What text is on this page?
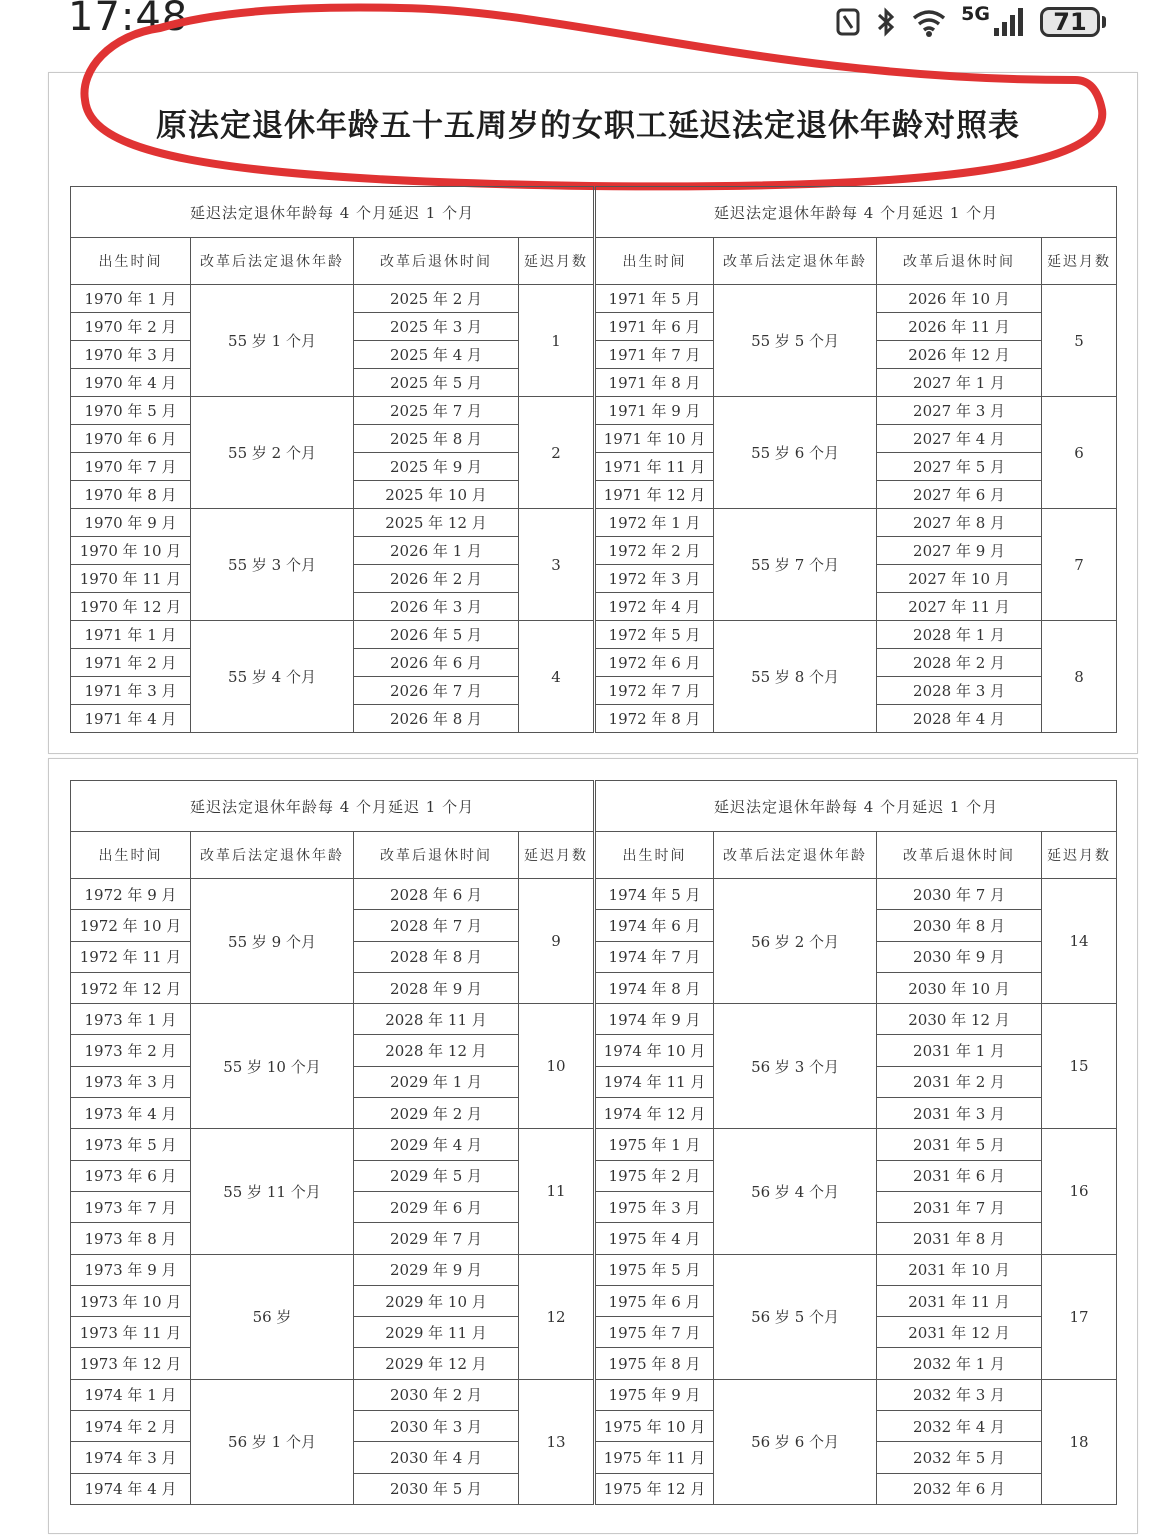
17:48	5G	71
原法定退休年龄五十五周岁的女职工延迟法定退休年龄对照表
延迟法定退休年龄每 4 个月延迟 1 个月				延迟法定退休年龄每 4 个月延迟 1 个月			
出生时间	改革后法定退休年龄	改革后退休时间	延迟月数	出生时间	改革后法定退休年龄	改革后退休时间	延迟月数
1970 年 1 月	55 岁 1 个月	2025 年 2 月	1	1971 年 5 月	55 岁 5 个月	2026 年 10 月	5
1970 年 2 月		2025 年 3 月		1971 年 6 月		2026 年 11 月	
1970 年 3 月		2025 年 4 月		1971 年 7 月		2026 年 12 月	
1970 年 4 月		2025 年 5 月		1971 年 8 月		2027 年 1 月	
1970 年 5 月	55 岁 2 个月	2025 年 7 月	2	1971 年 9 月	55 岁 6 个月	2027 年 3 月	6
1970 年 6 月		2025 年 8 月		1971 年 10 月		2027 年 4 月	
1970 年 7 月		2025 年 9 月		1971 年 11 月		2027 年 5 月	
1970 年 8 月		2025 年 10 月		1971 年 12 月		2027 年 6 月	
1970 年 9 月	55 岁 3 个月	2025 年 12 月	3	1972 年 1 月	55 岁 7 个月	2027 年 8 月	7
1970 年 10 月		2026 年 1 月		1972 年 2 月		2027 年 9 月	
1970 年 11 月		2026 年 2 月		1972 年 3 月		2027 年 10 月	
1970 年 12 月		2026 年 3 月		1972 年 4 月		2027 年 11 月	
1971 年 1 月	55 岁 4 个月	2026 年 5 月	4	1972 年 5 月	55 岁 8 个月	2028 年 1 月	8
1971 年 2 月		2026 年 6 月		1972 年 6 月		2028 年 2 月	
1971 年 3 月		2026 年 7 月		1972 年 7 月		2028 年 3 月	
1971 年 4 月		2026 年 8 月		1972 年 8 月		2028 年 4 月	
延迟法定退休年龄每 4 个月延迟 1 个月				延迟法定退休年龄每 4 个月延迟 1 个月			
出生时间	改革后法定退休年龄	改革后退休时间	延迟月数	出生时间	改革后法定退休年龄	改革后退休时间	延迟月数
1972 年 9 月	55 岁 9 个月	2028 年 6 月	9	1974 年 5 月	56 岁 2 个月	2030 年 7 月	14
1972 年 10 月		2028 年 7 月		1974 年 6 月		2030 年 8 月	
1972 年 11 月		2028 年 8 月		1974 年 7 月		2030 年 9 月	
1972 年 12 月		2028 年 9 月		1974 年 8 月		2030 年 10 月	
1973 年 1 月	55 岁 10 个月	2028 年 11 月	10	1974 年 9 月	56 岁 3 个月	2030 年 12 月	15
1973 年 2 月		2028 年 12 月		1974 年 10 月		2031 年 1 月	
1973 年 3 月		2029 年 1 月		1974 年 11 月		2031 年 2 月	
1973 年 4 月		2029 年 2 月		1974 年 12 月		2031 年 3 月	
1973 年 5 月	55 岁 11 个月	2029 年 4 月	11	1975 年 1 月	56 岁 4 个月	2031 年 5 月	16
1973 年 6 月		2029 年 5 月		1975 年 2 月		2031 年 6 月	
1973 年 7 月		2029 年 6 月		1975 年 3 月		2031 年 7 月	
1973 年 8 月		2029 年 7 月		1975 年 4 月		2031 年 8 月	
1973 年 9 月	56 岁	2029 年 9 月	12	1975 年 5 月	56 岁 5 个月	2031 年 10 月	17
1973 年 10 月		2029 年 10 月		1975 年 6 月		2031 年 11 月	
1973 年 11 月		2029 年 11 月		1975 年 7 月		2031 年 12 月	
1973 年 12 月		2029 年 12 月		1975 年 8 月		2032 年 1 月	
1974 年 1 月	56 岁 1 个月	2030 年 2 月	13	1975 年 9 月	56 岁 6 个月	2032 年 3 月	18
1974 年 2 月		2030 年 3 月		1975 年 10 月		2032 年 4 月	
1974 年 3 月		2030 年 4 月		1975 年 11 月		2032 年 5 月	
1974 年 4 月		2030 年 5 月		1975 年 12 月		2032 年 6 月	
